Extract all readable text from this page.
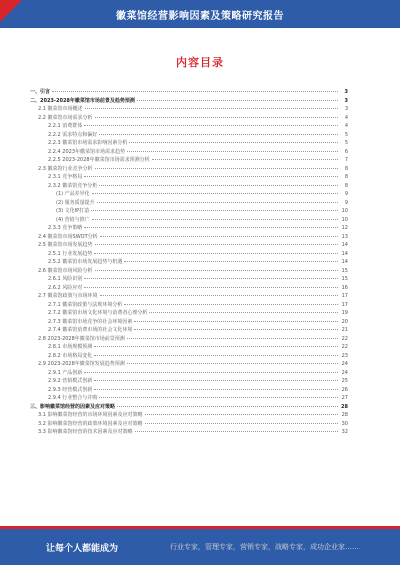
徽菜馆经营影响因素及策略研究报告
内容目录
一、引言	3
二、2023-2028年徽菜馆市场前景及趋势预测	3
2.1 徽菜馆市场概述	3
2.2 徽菜馆市场需求分析	4
2.2.1 消费群体	4
2.2.2 需求特点和偏好	5
2.2.3 徽菜馆市场需求影响因素分析	5
2.2.4 2023年徽菜馆市场需求趋势	6
2.2.5 2023-2028年徽菜馆市场需求预测分析	7
2.3 徽菜馆行业竞争分析	8
2.3.1 竞争格局	8
2.3.2 徽菜馆竞争分析	8
(1) 产品差异化	9
(2) 服务质量提升	9
(3) 文化IP打造	10
(4) 营销与推广	10
2.3.3 竞争策略	12
2.4 徽菜馆市场SWOT分析	13
2.5 徽菜馆市场发展趋势	14
2.5.1 行业发展趋势	14
2.5.2 徽菜馆市场发展趋势与机遇	14
2.6 徽菜馆市场风险分析	15
2.6.1 风险识别	15
2.6.2 风险应对	16
2.7 徽菜馆政策与市场环境	17
2.7.1 徽菜馆政策与法规环境分析	17
2.7.2 徽菜馆市场文化环境与消费者心理分析	19
2.7.3 徽菜馆市场竞争的社会环境因素	20
2.7.4 徽菜馆消费市场的社会文化环境	21
2.8 2023-2028年徽菜馆市场前景预测	22
2.8.1 市场规模预测	22
2.8.2 市场格局变化	23
2.9 2023-2028年徽菜馆发展趋势预测	24
2.9.1 产品创新	24
2.9.2 营销模式创新	25
2.9.3 经营模式创新	26
2.9.4 行业整合与并购	27
三、影响徽菜馆经营的因素及应对策略	28
3.1 影响徽菜馆经营的市场环境因素及应对策略	28
3.2 影响徽菜馆经营的政策环境因素及应对策略	30
3.3 影响徽菜馆经营的技术因素及应对策略	32
让每个人都能成为	行业专家，管理专家，营销专家，战略专家，成功企业家……
